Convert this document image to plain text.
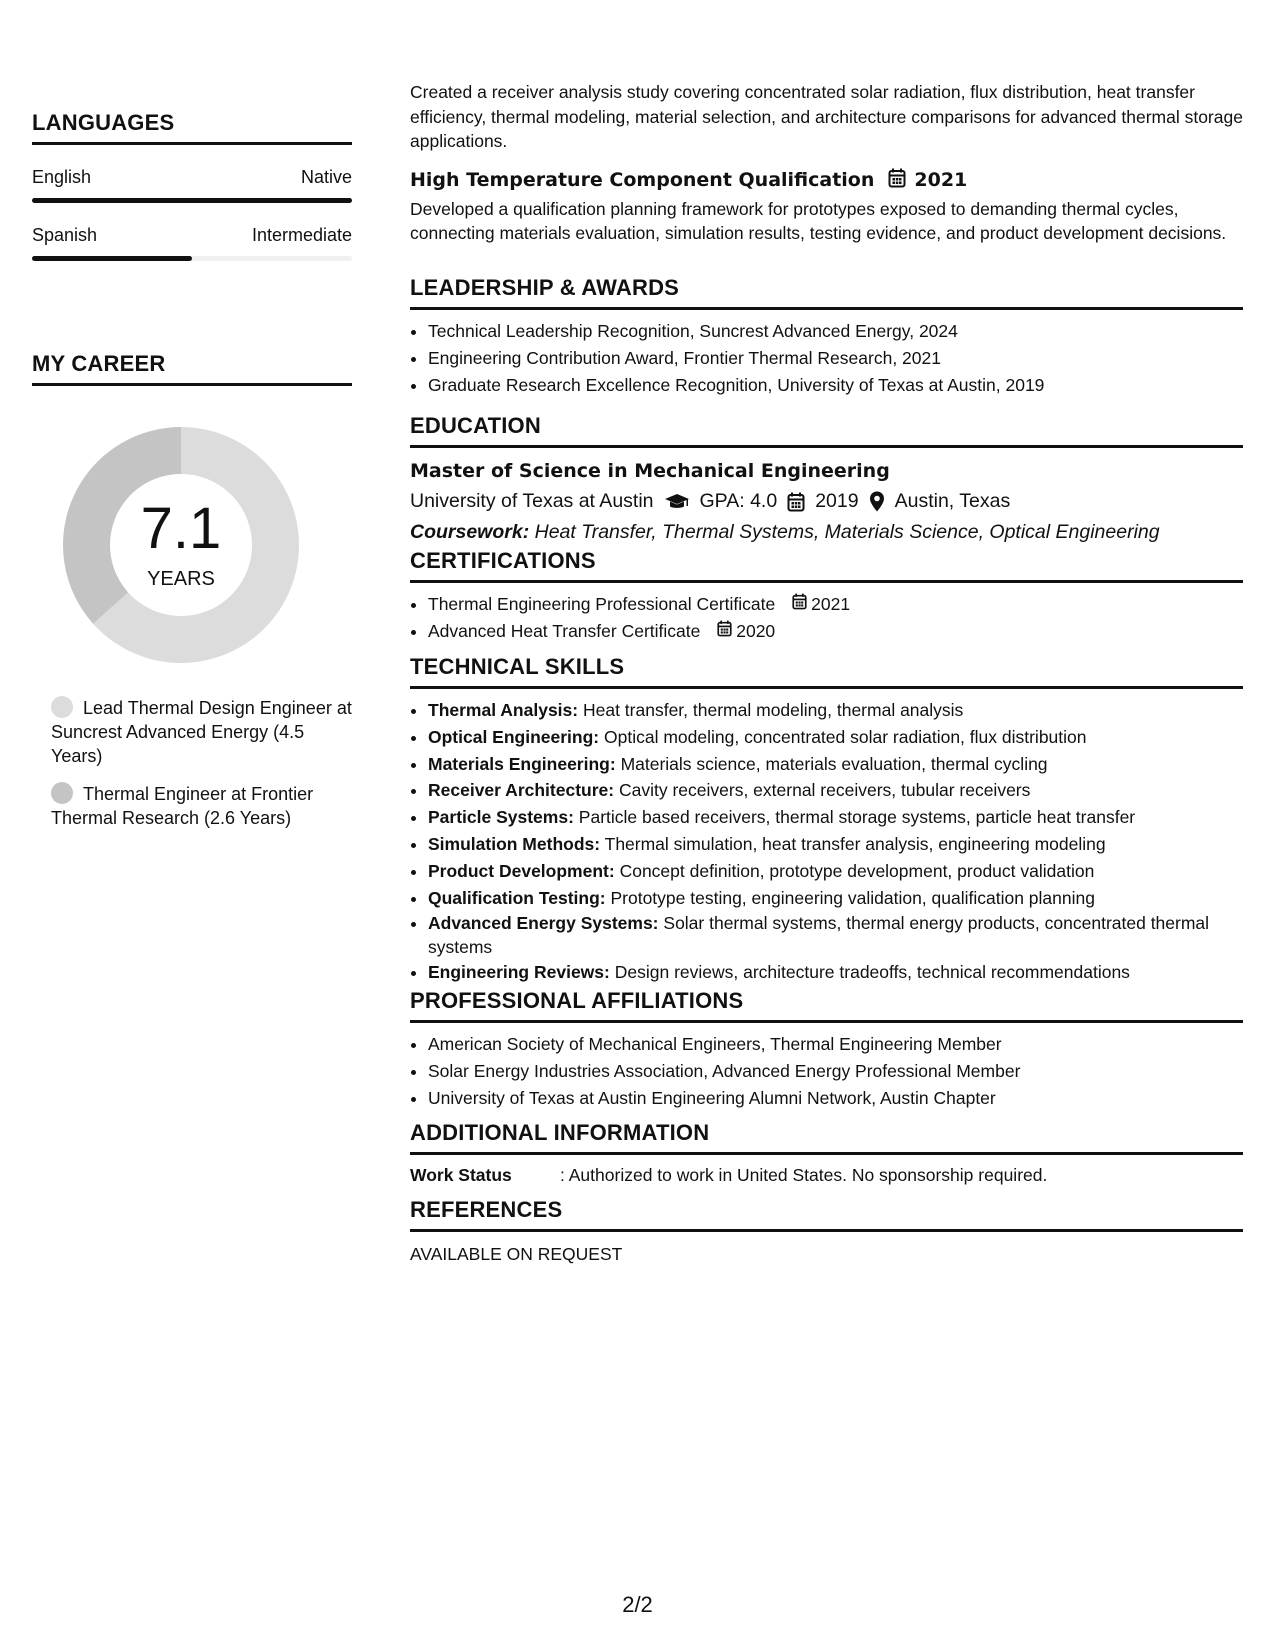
LANGUAGES
English	Native
Spanish	Intermediate
MY CAREER
7.1
YEARS
Lead Thermal Design Engineer at Suncrest Advanced Energy (4.5 Years)
Thermal Engineer at Frontier Thermal Research (2.6 Years)

Created a receiver analysis study covering concentrated solar radiation, flux distribution, heat transfer efficiency, thermal modeling, material selection, and architecture comparisons for advanced thermal storage applications.

High Temperature Component Qualification 2021

Developed a qualification planning framework for prototypes exposed to demanding thermal cycles, connecting materials evaluation, simulation results, testing evidence, and product development decisions.

LEADERSHIP & AWARDS
• Technical Leadership Recognition, Suncrest Advanced Energy, 2024
• Engineering Contribution Award, Frontier Thermal Research, 2021
• Graduate Research Excellence Recognition, University of Texas at Austin, 2019
EDUCATION
Master of Science in Mechanical Engineering
University of Texas at Austin GPA: 4.0 2019 Austin, Texas
Coursework: Heat Transfer, Thermal Systems, Materials Science, Optical Engineering
CERTIFICATIONS
• Thermal Engineering Professional Certificate 2021
• Advanced Heat Transfer Certificate 2020
TECHNICAL SKILLS
• Thermal Analysis: Heat transfer, thermal modeling, thermal analysis
• Optical Engineering: Optical modeling, concentrated solar radiation, flux distribution
• Materials Engineering: Materials science, materials evaluation, thermal cycling
• Receiver Architecture: Cavity receivers, external receivers, tubular receivers
• Particle Systems: Particle based receivers, thermal storage systems, particle heat transfer
• Simulation Methods: Thermal simulation, heat transfer analysis, engineering modeling
• Product Development: Concept definition, prototype development, product validation
• Qualification Testing: Prototype testing, engineering validation, qualification planning
• Advanced Energy Systems: Solar thermal systems, thermal energy products, concentrated thermal systems
• Engineering Reviews: Design reviews, architecture tradeoffs, technical recommendations
PROFESSIONAL AFFILIATIONS
• American Society of Mechanical Engineers, Thermal Engineering Member
• Solar Energy Industries Association, Advanced Energy Professional Member
• University of Texas at Austin Engineering Alumni Network, Austin Chapter
ADDITIONAL INFORMATION
Work Status	: Authorized to work in United States. No sponsorship required.
REFERENCES
AVAILABLE ON REQUEST
2/2
